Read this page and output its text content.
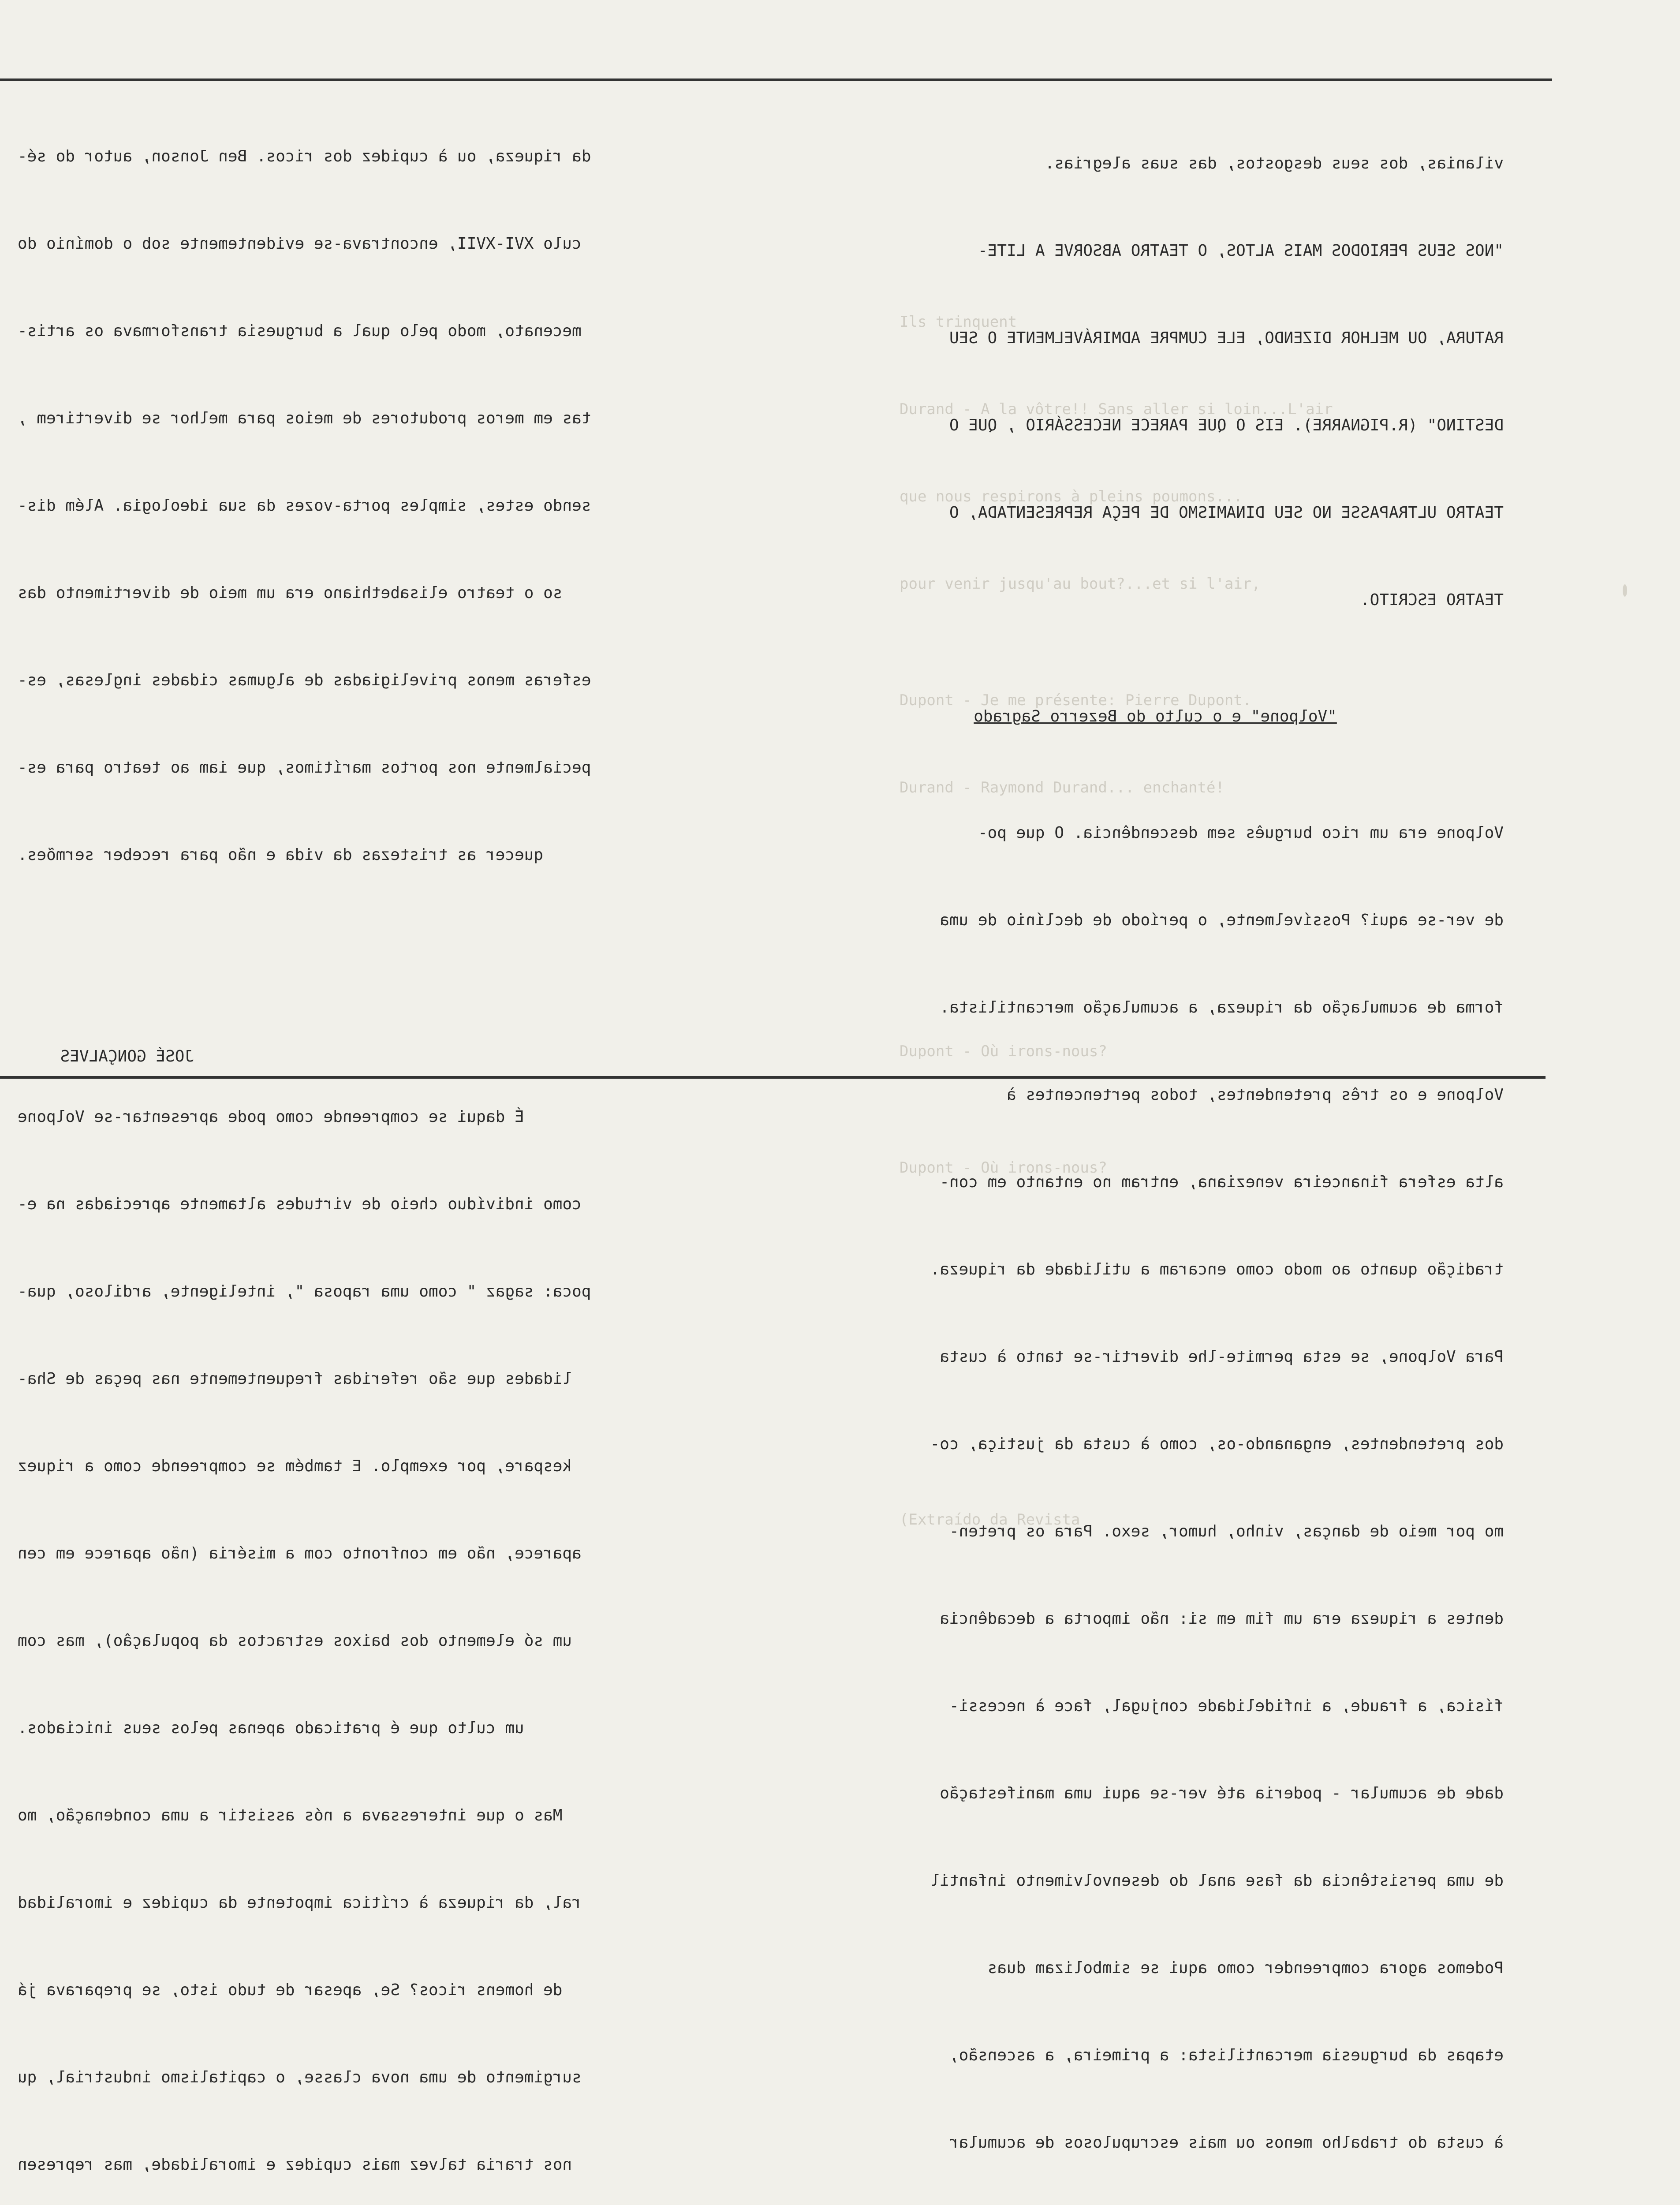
Ils trinquent

Durand - A la vôtre!! Sans aller si loin...L'air

que nous respirons à pleins poumons...

pour venir jusqu'au bout?...et si l'air,

Dupont - Je me présente: Pierre Dupont.

Durand - Raymond Durand... enchanté!

Dupont - Où irons-nous?

Dupont - Où irons-nous?

(Extraído da Revista

da riqueza, ou à cupidez dos ricos. Ben Jonson, autor do sé-

culo XVI-XVII, encontrava-se evidentemente sob o domínio do

mecenato, modo pelo qual a burguesia transformava os artis-

tas em meros produtores de meios para melhor se divertirem ,

sendo estes, simples porta-vozes da sua ideologia. Além dis-

so o teatro elisabethiano era um meio de divertimento das

esferas menos priveligiadas de algumas cidades inglesas, es-

pecialmente nos portos marítimos, que iam ao teatro para es-

quecer as tristezas da vida e não para receber sermões.

É daqui se compreende como pode apresentar-se Volpone

como indivíduo cheio de virtudes altamente apreciadas na e-

poca: sagaz " como uma raposa ", inteligente, ardiloso, qua-

lidades que são referidas frequentemente nas peças de Sha-

kespare, por exemplo. E também se compreende como a riquez

aparece, não em confronto com a miséria (não aparece em cen

um só elemento dos baixos estractos da populaçâo), mas com

um culto que é praticado apenas pelos seus iniciados.

Mas o que interessava a nós assistir a uma condenação, mo

ral, da riqueza à crítica impotente da cupidez e imoralidad

de homens ricos? Se, apesar de tudo isto, se preparava já

surgimento de uma nova classe, o capitalismo industrial, qu

nos traria talvez mais cupidez e imoralidade, mas represen

JOSÉ GONÇALVES

vilanias, dos seus desgostos, das suas alegrias.

"NOS SEUS PERIODOS MAIS ALTOS, O TEATRO ABSORVE A LITE-

RATURA, OU MELHOR DIZENDO, ELE CUMPRE ADMIRÁVELMENTE O SEU

DESTINO" (R.PIGNARRE). EIS O QUE PARECE NECESSÁRIO , QUE O

TEATRO ULTRAPASSE NO SEU DINAMISMO DE PEÇA REPRESENTADA, O

TEATRO ESCRITO.

"Volpone" e o culto do Bezerro Sagrado

Volpone era um rico burguês sem descendência. O que po-

de ver-se aqui? Possívelmente, o período de declínio de uma

forma de acumulação da riqueza, a acumulação mercantilista.

Volpone e os três pretendentes, todos pertencentes à

alta esfera financeira veneziana, entram no entanto em con-

tradição quanto ao modo como encaram a utilidade da riqueza.

Para Volpone, se esta permite-lhe divertir-se tanto à custa

dos pretendentes, enganando-os, como à custa da justiça, co-

mo por meio de danças, vinho, humor, sexo. Para os preten-

dentes a riqueza era um fim em si: não importa a decadência

física, a fraude, a infidelidade conjugal, face à necessi-

dade de acumular - poderia até ver-se aqui uma manifestação

de uma persistência da fase anal do desenvolvimento infantil

Podemos agora compreender como aqui se simbolizam duas

etapas da burguesia mercantilista: a primeira, a ascensão,

à custa do trabalho menos ou mais escrupulosos de acumular
